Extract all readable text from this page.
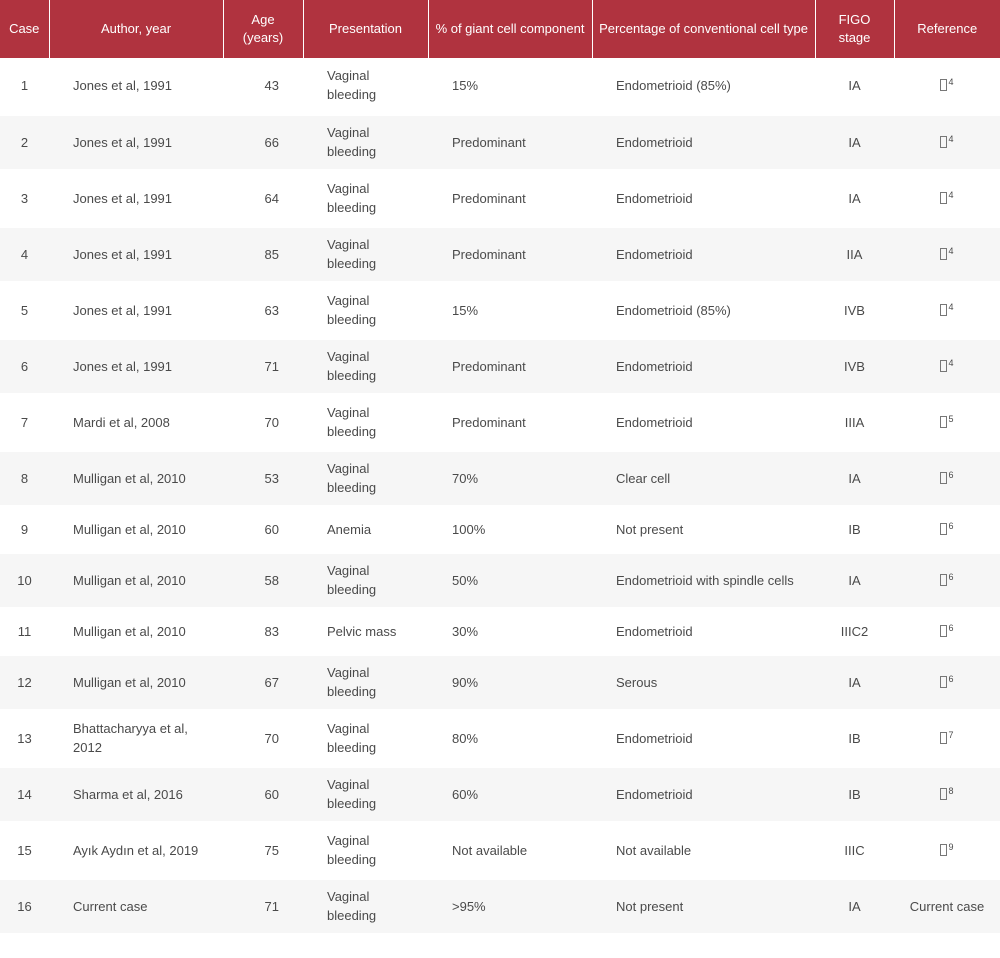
Case	Author, year	Age (years)	Presentation	% of giant cell component	Percentage of conventional cell type	FIGO stage	Reference
1	Jones et al, 1991	43	Vaginal bleeding	15%	Endometrioid (85%)	IA	$^4$
2	Jones et al, 1991	66	Vaginal bleeding	Predominant	Endometrioid	IA	$^4$
3	Jones et al, 1991	64	Vaginal bleeding	Predominant	Endometrioid	IA	$^4$
4	Jones et al, 1991	85	Vaginal bleeding	Predominant	Endometrioid	IIA	$^4$
5	Jones et al, 1991	63	Vaginal bleeding	15%	Endometrioid (85%)	IVB	$^4$
6	Jones et al, 1991	71	Vaginal bleeding	Predominant	Endometrioid	IVB	$^4$
7	Mardi et al, 2008	70	Vaginal bleeding	Predominant	Endometrioid	IIIA	$^5$
8	Mulligan et al, 2010	53	Vaginal bleeding	70%	Clear cell	IA	$^6$
9	Mulligan et al, 2010	60	Anemia	100%	Not present	IB	$^6$
10	Mulligan et al, 2010	58	Vaginal bleeding	50%	Endometrioid with spindle cells	IA	$^6$
11	Mulligan et al, 2010	83	Pelvic mass	30%	Endometrioid	IIIC2	$^6$
12	Mulligan et al, 2010	67	Vaginal bleeding	90%	Serous	IA	$^6$
13	Bhattacharyya et al, 2012	70	Vaginal bleeding	80%	Endometrioid	IB	$^7$
14	Sharma et al, 2016	60	Vaginal bleeding	60%	Endometrioid	IB	$^8$
15	Ayık Aydın et al, 2019	75	Vaginal bleeding	Not available	Not available	IIIC	$^9$
16	Current case	71	Vaginal bleeding	>95%	Not present	IA	Current case
